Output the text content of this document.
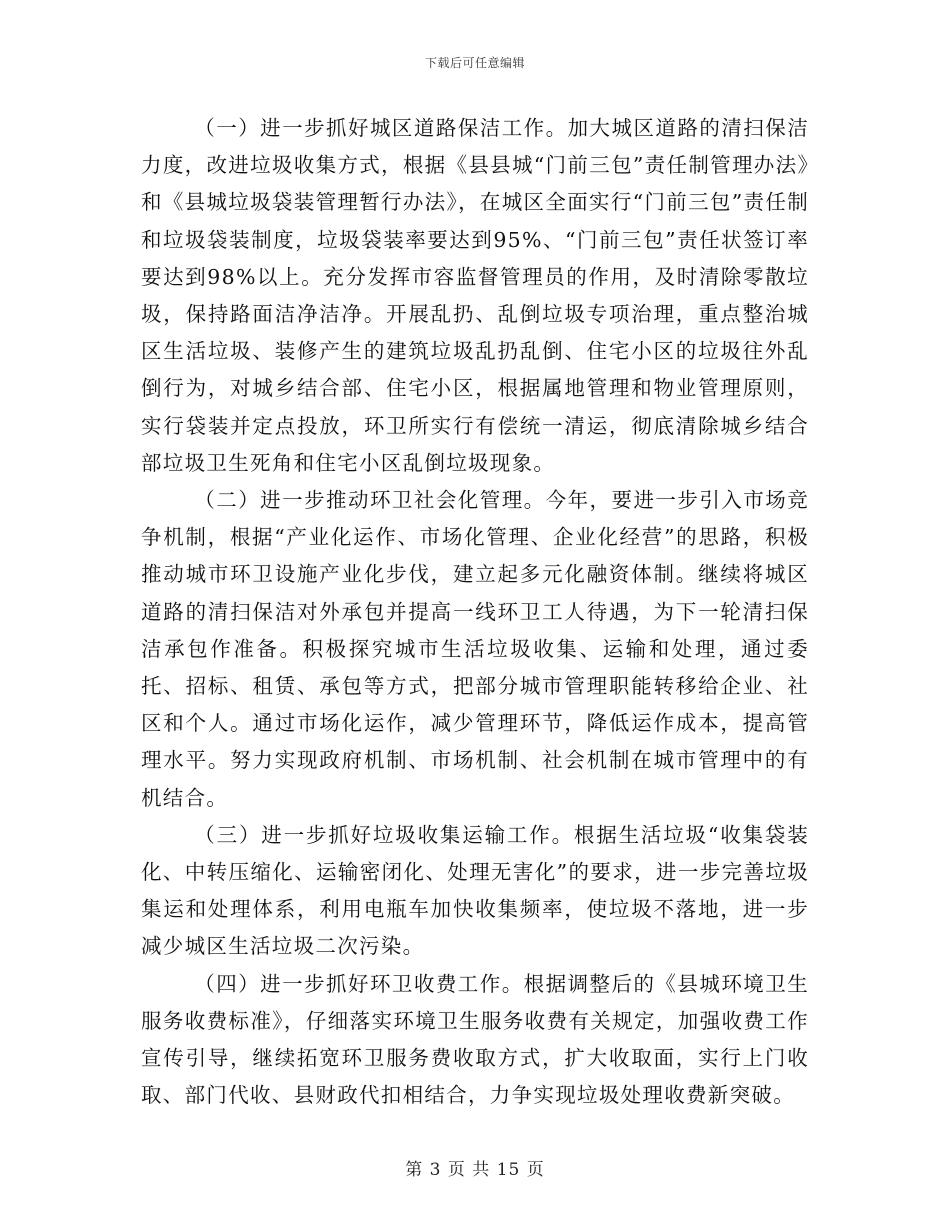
下载后可任意编辑

（一）进一步抓好城区道路保洁工作。加大城区道路的清扫保洁力度，改进垃圾收集方式，根据《县县城“门前三包”责任制管理办法》和《县城垃圾袋装管理暂行办法》，在城区全面实行“门前三包”责任制和垃圾袋装制度，垃圾袋装率要达到95%、“门前三包”责任状签订率要达到98%以上。充分发挥市容监督管理员的作用，及时清除零散垃圾，保持路面洁净洁净。开展乱扔、乱倒垃圾专项治理，重点整治城区生活垃圾、装修产生的建筑垃圾乱扔乱倒、住宅小区的垃圾往外乱倒行为，对城乡结合部、住宅小区，根据属地管理和物业管理原则，实行袋装并定点投放，环卫所实行有偿统一清运，彻底清除城乡结合部垃圾卫生死角和住宅小区乱倒垃圾现象。

（二）进一步推动环卫社会化管理。今年，要进一步引入市场竞争机制，根据“产业化运作、市场化管理、企业化经营”的思路，积极推动城市环卫设施产业化步伐，建立起多元化融资体制。继续将城区道路的清扫保洁对外承包并提高一线环卫工人待遇，为下一轮清扫保洁承包作准备。积极探究城市生活垃圾收集、运输和处理，通过委托、招标、租赁、承包等方式，把部分城市管理职能转移给企业、社区和个人。通过市场化运作，减少管理环节，降低运作成本，提高管理水平。努力实现政府机制、市场机制、社会机制在城市管理中的有机结合。

（三）进一步抓好垃圾收集运输工作。根据生活垃圾“收集袋装化、中转压缩化、运输密闭化、处理无害化”的要求，进一步完善垃圾集运和处理体系，利用电瓶车加快收集频率，使垃圾不落地，进一步减少城区生活垃圾二次污染。

（四）进一步抓好环卫收费工作。根据调整后的《县城环境卫生服务收费标准》，仔细落实环境卫生服务收费有关规定，加强收费工作宣传引导，继续拓宽环卫服务费收取方式，扩大收取面，实行上门收取、部门代收、县财政代扣相结合，力争实现垃圾处理收费新突破。

第 3 页 共 15 页
